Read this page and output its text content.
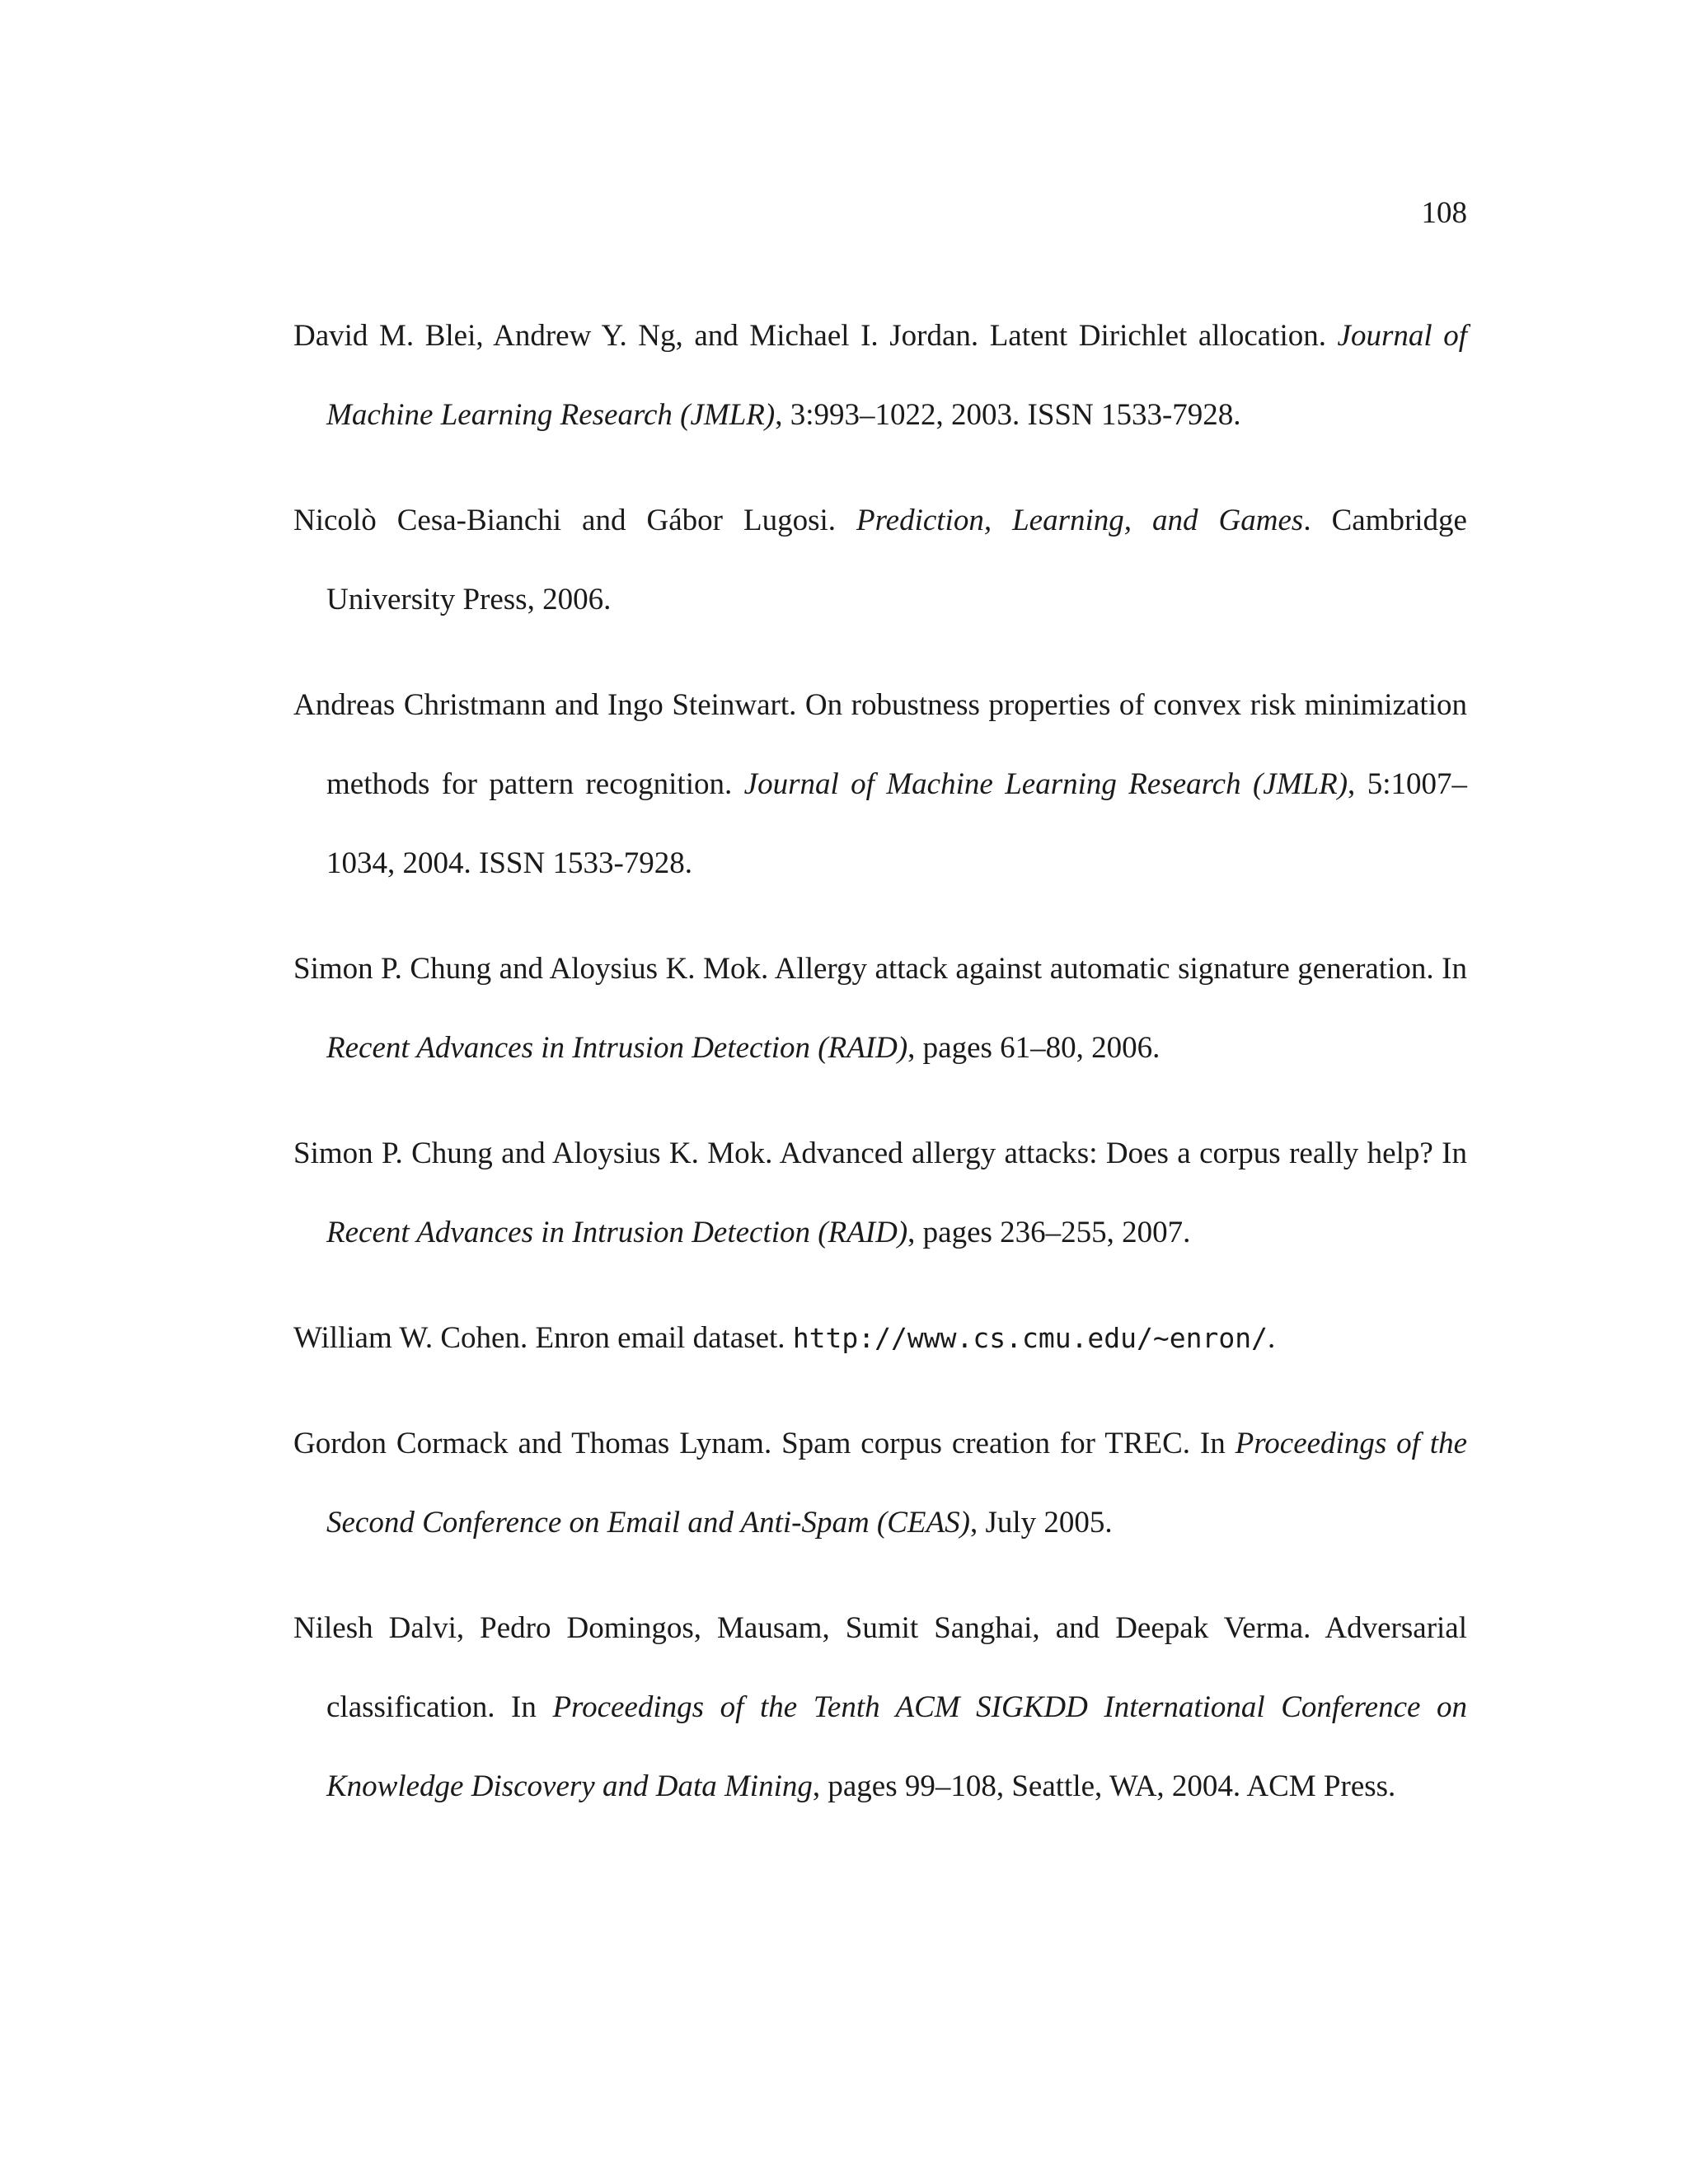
108

David M. Blei, Andrew Y. Ng, and Michael I. Jordan. Latent Dirichlet allocation. Journal of Machine Learning Research (JMLR), 3:993–1022, 2003. ISSN 1533-7928.

Nicolò Cesa-Bianchi and Gábor Lugosi. Prediction, Learning, and Games. Cambridge University Press, 2006.

Andreas Christmann and Ingo Steinwart. On robustness properties of convex risk minimization methods for pattern recognition. Journal of Machine Learning Research (JMLR), 5:1007–1034, 2004. ISSN 1533-7928.

Simon P. Chung and Aloysius K. Mok. Allergy attack against automatic signature generation. In Recent Advances in Intrusion Detection (RAID), pages 61–80, 2006.

Simon P. Chung and Aloysius K. Mok. Advanced allergy attacks: Does a corpus really help? In Recent Advances in Intrusion Detection (RAID), pages 236–255, 2007.

William W. Cohen. Enron email dataset. http://www.cs.cmu.edu/~enron/.

Gordon Cormack and Thomas Lynam. Spam corpus creation for TREC. In Proceedings of the Second Conference on Email and Anti-Spam (CEAS), July 2005.

Nilesh Dalvi, Pedro Domingos, Mausam, Sumit Sanghai, and Deepak Verma. Adversarial classification. In Proceedings of the Tenth ACM SIGKDD International Conference on Knowledge Discovery and Data Mining, pages 99–108, Seattle, WA, 2004. ACM Press.
